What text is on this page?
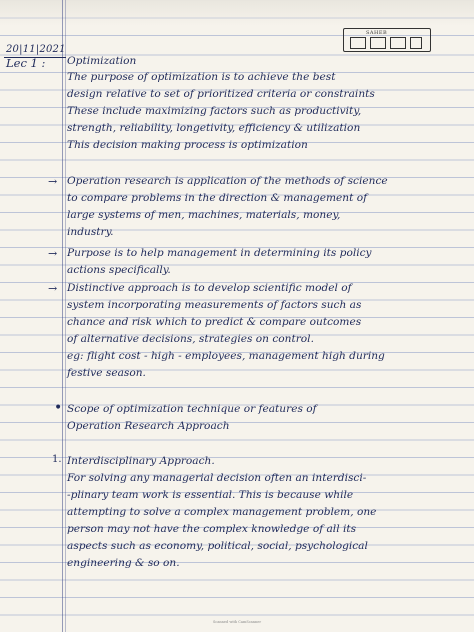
SAHEB
20|11|2021
Lec 1 : Optimization
The purpose of optimization is to achieve the best
design relative to set of prioritized criteria or constraints
These include maximizing factors such as productivity,
strength, reliability, longetivity, efficiency & utilization
This decision making process is optimization
Operation research is application of the methods of science
to compare problems in the direction & management of
large systems of men, machines, materials, money,
industry.
Purpose is to help management in determining its policy
actions specifically.
Distinctive approach is to develop scientific model of
system incorporating measurements of factors such as
chance and risk which to predict & compare outcomes
of alternative decisions, strategies on control.
eg: flight cost - high - employees, management high during
festive season.
Scope of optimization technique or features of
Operation Research Approach
Interdisciplinary Approach.
For solving any managerial decision often an interdisci-
-plinary team work is essential. This is because while
attempting to solve a complex management problem, one
person may not have the complex knowledge of all its
aspects such as economy, political, social, psychological
engineering & so on.
→
→
→
•
1.
Scanned with CamScanner
